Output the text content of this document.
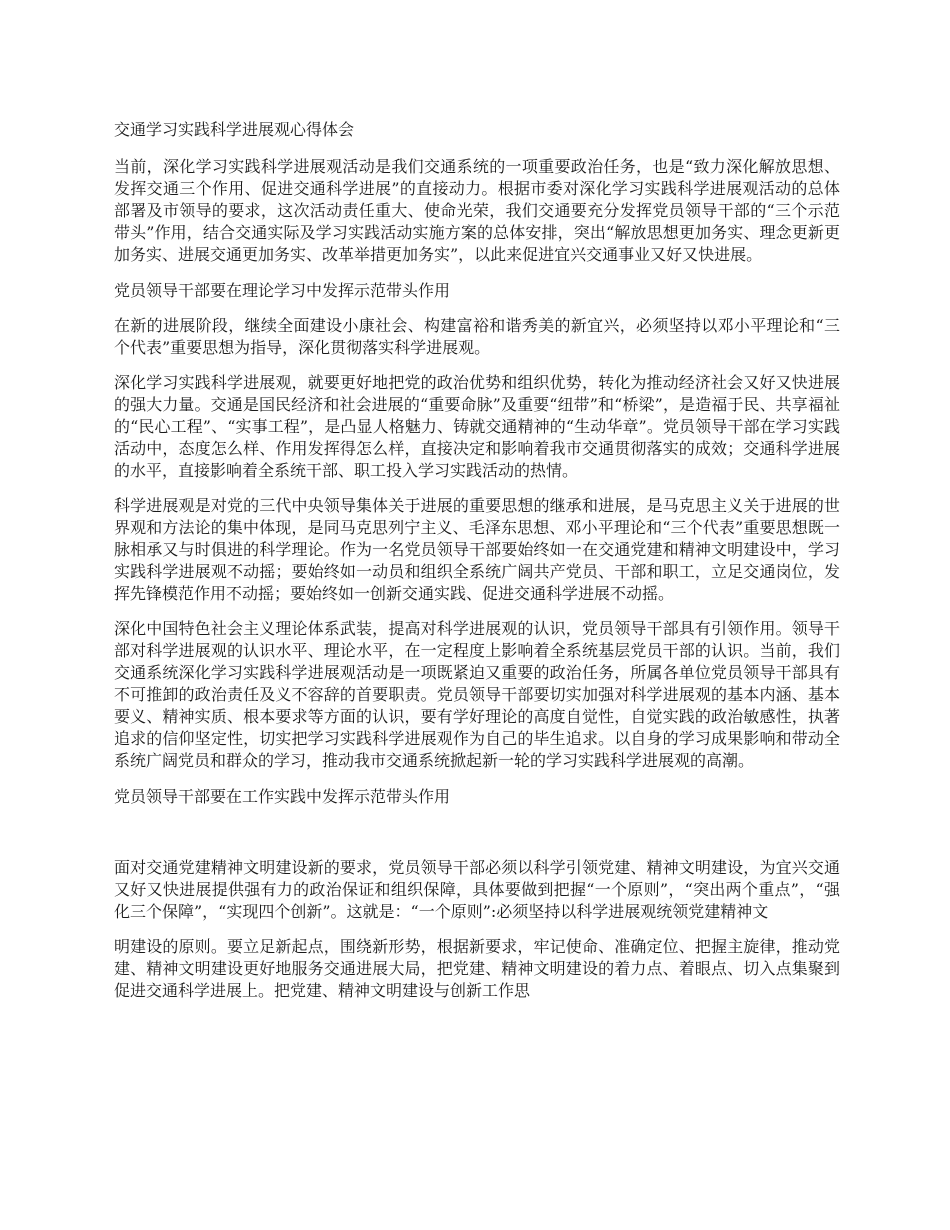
交通学习实践科学进展观心得体会

当前，深化学习实践科学进展观活动是我们交通系统的一项重要政治任务，也是“致力深化解放思想、发挥交通三个作用、促进交通科学进展”的直接动力。根据市委对深化学习实践科学进展观活动的总体部署及市领导的要求，这次活动责任重大、使命光荣，我们交通要充分发挥党员领导干部的“三个示范带头”作用，结合交通实际及学习实践活动实施方案的总体安排，突出“解放思想更加务实、理念更新更加务实、进展交通更加务实、改革举措更加务实”，以此来促进宜兴交通事业又好又快进展。

党员领导干部要在理论学习中发挥示范带头作用

在新的进展阶段，继续全面建设小康社会、构建富裕和谐秀美的新宜兴，必须坚持以邓小平理论和“三个代表”重要思想为指导，深化贯彻落实科学进展观。

深化学习实践科学进展观，就要更好地把党的政治优势和组织优势，转化为推动经济社会又好又快进展的强大力量。交通是国民经济和社会进展的“重要命脉”及重要“纽带”和“桥梁”，是造福于民、共享福祉的“民心工程”、“实事工程”，是凸显人格魅力、铸就交通精神的“生动华章”。党员领导干部在学习实践活动中，态度怎么样、作用发挥得怎么样，直接决定和影响着我市交通贯彻落实的成效；交通科学进展的水平，直接影响着全系统干部、职工投入学习实践活动的热情。

科学进展观是对党的三代中央领导集体关于进展的重要思想的继承和进展，是马克思主义关于进展的世界观和方法论的集中体现，是同马克思列宁主义、毛泽东思想、邓小平理论和“三个代表”重要思想既一脉相承又与时俱进的科学理论。作为一名党员领导干部要始终如一在交通党建和精神文明建设中，学习实践科学进展观不动摇；要始终如一动员和组织全系统广阔共产党员、干部和职工，立足交通岗位，发挥先锋模范作用不动摇；要始终如一创新交通实践、促进交通科学进展不动摇。

深化中国特色社会主义理论体系武装，提高对科学进展观的认识，党员领导干部具有引领作用。领导干部对科学进展观的认识水平、理论水平，在一定程度上影响着全系统基层党员干部的认识。当前，我们交通系统深化学习实践科学进展观活动是一项既紧迫又重要的政治任务，所属各单位党员领导干部具有不可推卸的政治责任及义不容辞的首要职责。党员领导干部要切实加强对科学进展观的基本内涵、基本要义、精神实质、根本要求等方面的认识，要有学好理论的高度自觉性，自觉实践的政治敏感性，执著追求的信仰坚定性，切实把学习实践科学进展观作为自己的毕生追求。以自身的学习成果影响和带动全系统广阔党员和群众的学习，推动我市交通系统掀起新一轮的学习实践科学进展观的高潮。

党员领导干部要在工作实践中发挥示范带头作用

面对交通党建精神文明建设新的要求，党员领导干部必须以科学引领党建、精神文明建设，为宜兴交通又好又快进展提供强有力的政治保证和组织保障，具体要做到把握“一个原则”，“突出两个重点”，“强化三个保障”，“实现四个创新”。这就是：“一个原则”:必须坚持以科学进展观统领党建精神文

明建设的原则。要立足新起点，围绕新形势，根据新要求，牢记使命、准确定位、把握主旋律，推动党建、精神文明建设更好地服务交通进展大局，把党建、精神文明建设的着力点、着眼点、切入点集聚到促进交通科学进展上。把党建、精神文明建设与创新工作思
